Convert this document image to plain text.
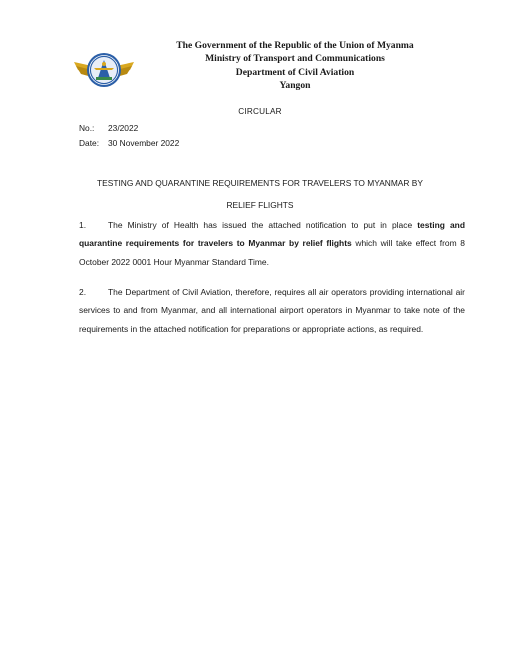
The Government of the Republic of the Union of Myanma
Ministry of Transport and Communications
Department of Civil Aviation
Yangon
CIRCULAR
No.: 23/2022
Date: 30 November 2022
TESTING AND QUARANTINE REQUIREMENTS FOR TRAVELERS TO MYANMAR BY
RELIEF FLIGHTS
1.	The Ministry of Health has issued the attached notification to put in place testing and quarantine requirements for travelers to Myanmar by relief flights which will take effect from 8 October 2022 0001 Hour Myanmar Standard Time.
2.	The Department of Civil Aviation, therefore, requires all air operators providing international air services to and from Myanmar, and all international airport operators in Myanmar to take note of the requirements in the attached notification for preparations or appropriate actions, as required.
